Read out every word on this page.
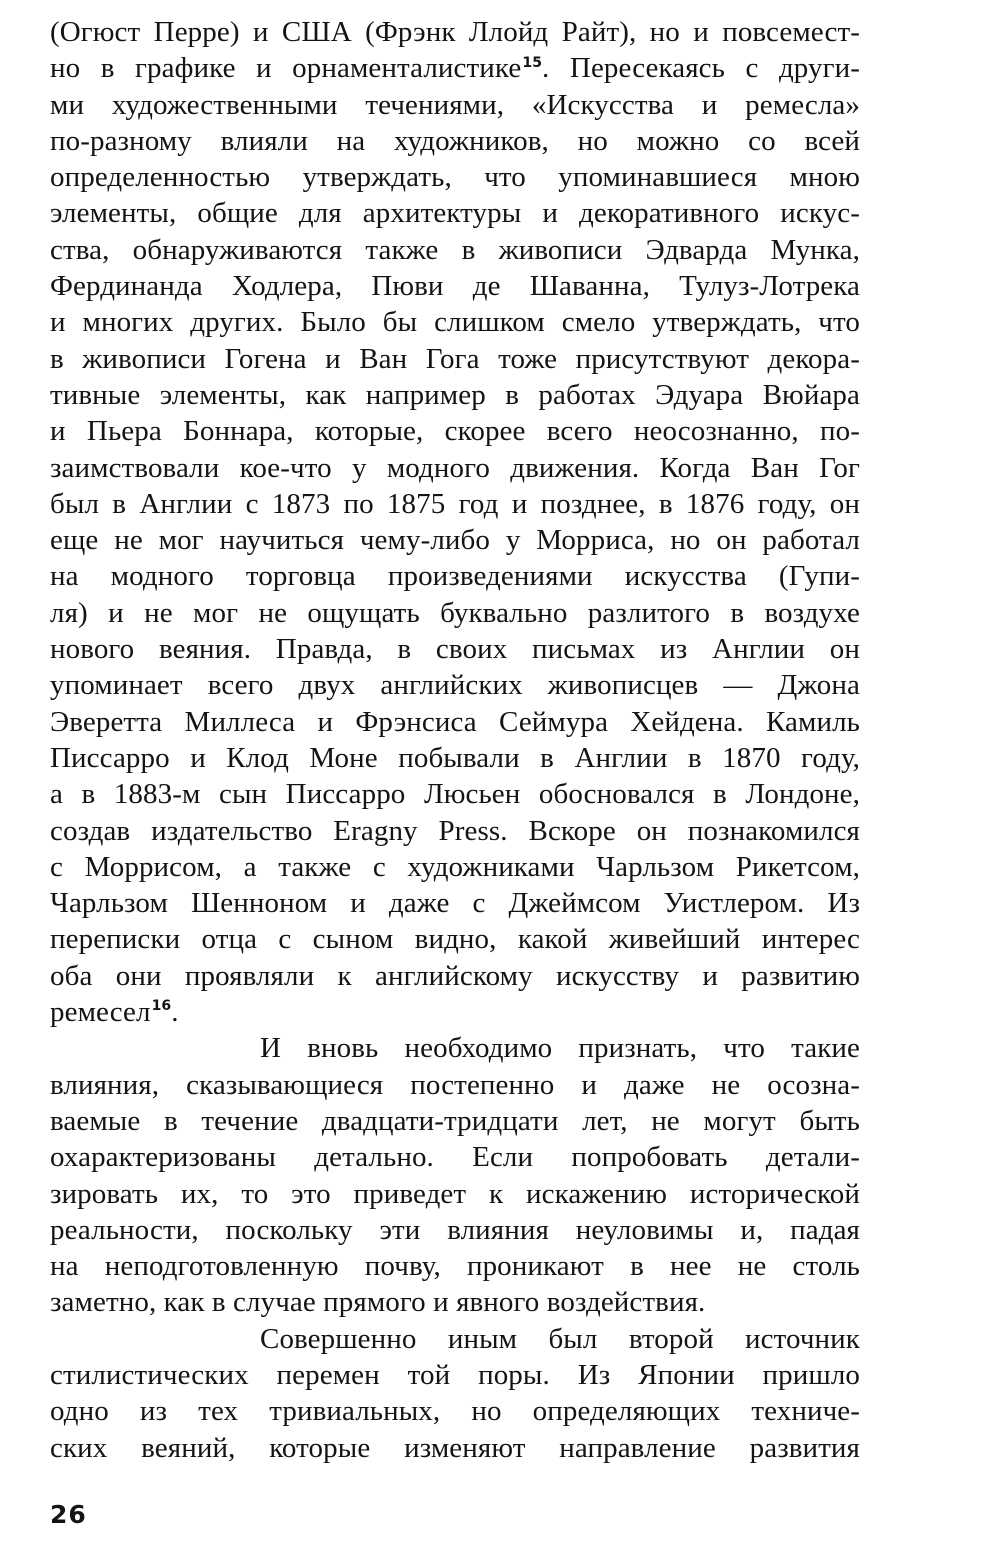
(Огюст Перре) и США (Фрэнк Ллойд Райт), но и повсемест-
но в графике и орнаменталистике$^{15}$. Пересекаясь с други-
ми художественными течениями, «Искусства и ремесла»
по-разному влияли на художников, но можно со всей
определенностью утверждать, что упоминавшиеся мною
элементы, общие для архитектуры и декоративного искус-
ства, обнаруживаются также в живописи Эдварда Мунка,
Фердинанда Ходлера, Пюви де Шаванна, Тулуз-Лотрека
и многих других. Было бы слишком смело утверждать, что
в живописи Гогена и Ван Гога тоже присутствуют декора-
тивные элементы, как например в работах Эдуара Вюйара
и Пьера Боннара, которые, скорее всего неосознанно, по-
заимствовали кое-что у модного движения. Когда Ван Гог
был в Англии с 1873 по 1875 год и позднее, в 1876 году, он
еще не мог научиться чему-либо у Морриса, но он работал
на модного торговца произведениями искусства (Гупи-
ля) и не мог не ощущать буквально разлитого в воздухе
нового веяния. Правда, в своих письмах из Англии он
упоминает всего двух английских живописцев — Джона
Эверетта Миллеса и Фрэнсиса Сеймура Хейдена. Камиль
Писсарро и Клод Моне побывали в Англии в 1870 году,
а в 1883-м сын Писсарро Люсьен обосновался в Лондоне,
создав издательство Eragny Press. Вскоре он познакомился
с Моррисом, а также с художниками Чарльзом Рикетсом,
Чарльзом Шенноном и даже с Джеймсом Уистлером. Из
переписки отца с сыном видно, какой живейший интерес
оба они проявляли к английскому искусству и развитию
ремесел$^{16}$.
И вновь необходимо признать, что такие
влияния, сказывающиеся постепенно и даже не осозна-
ваемые в течение двадцати-тридцати лет, не могут быть
охарактеризованы детально. Если попробовать детали-
зировать их, то это приведет к искажению исторической
реальности, поскольку эти влияния неуловимы и, падая
на неподготовленную почву, проникают в нее не столь
заметно, как в случае прямого и явного воздействия.
Совершенно иным был второй источник
стилистических перемен той поры. Из Японии пришло
одно из тех тривиальных, но определяющих техниче-
ских веяний, которые изменяют направление развития
26
